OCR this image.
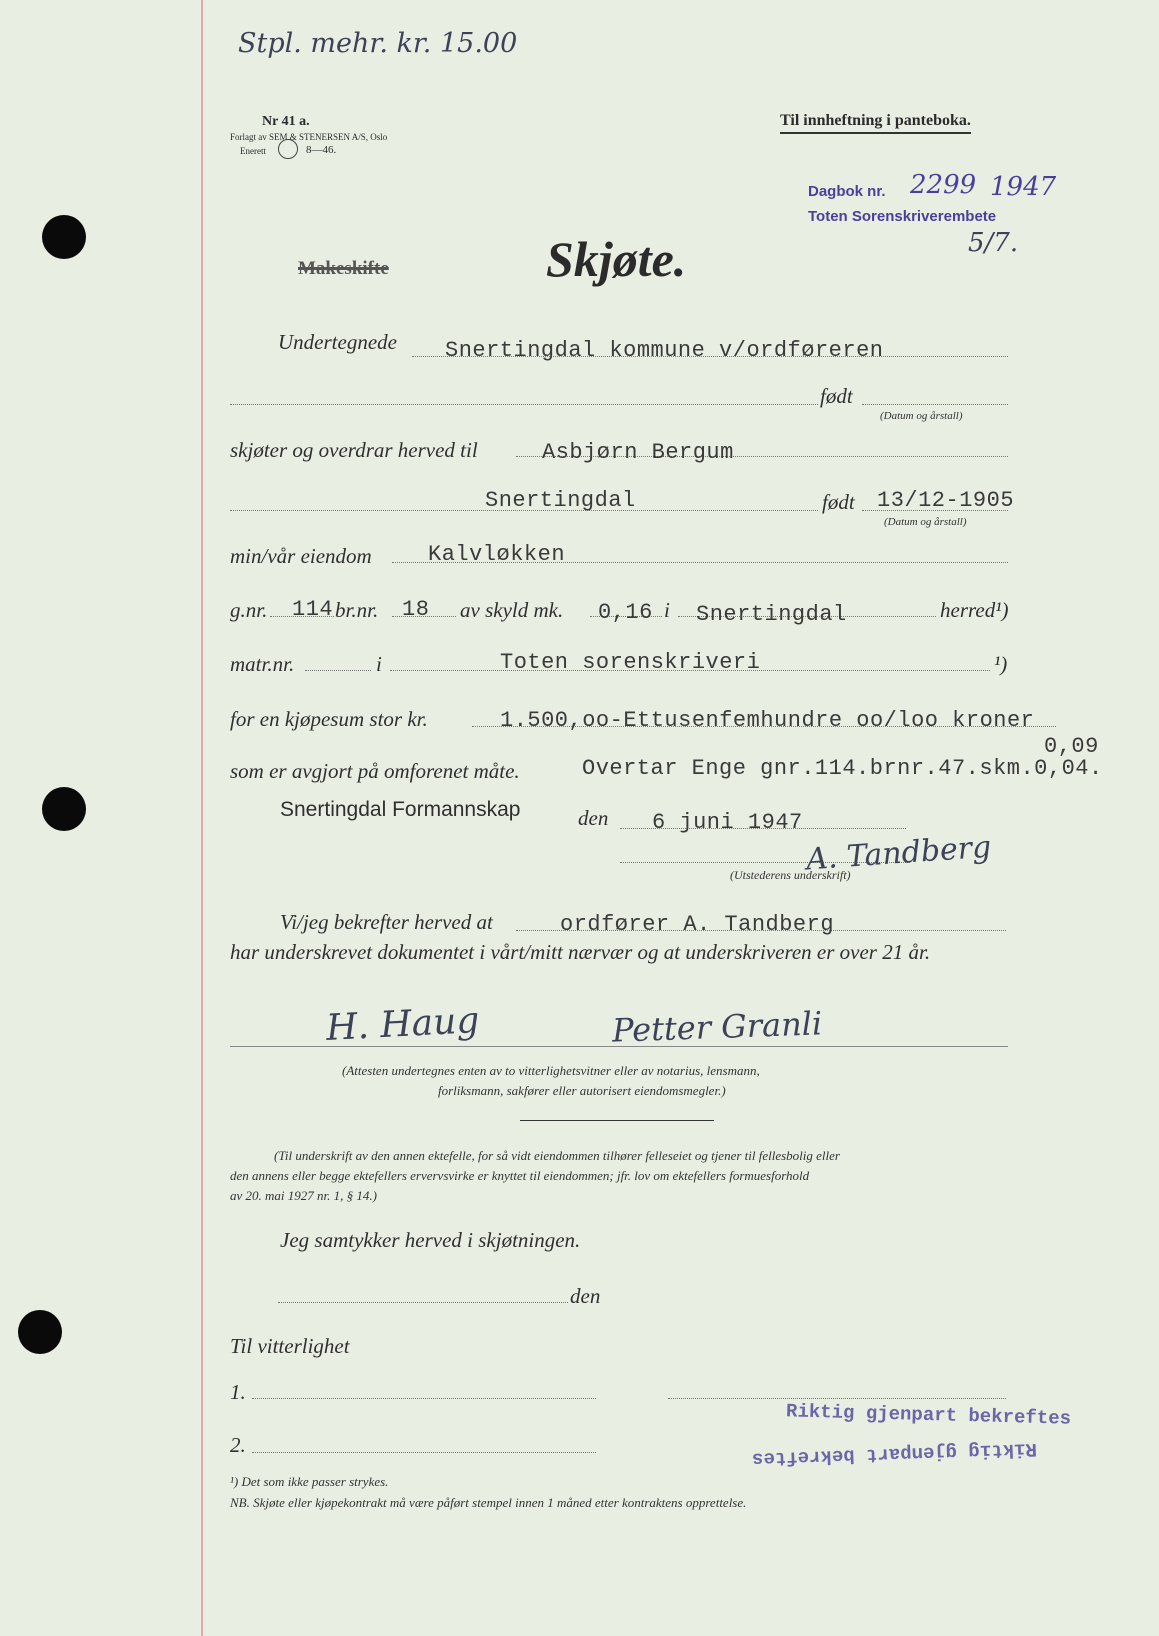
Stpl. mehr. kr. 15.00
Nr 41 a.
Forlagt av SEM & STENERSEN A/S, Oslo
Enerett	8—46.
Til innheftning i panteboka.
Dagbok nr. 2299 1947
Toten Sorenskriverembete
5/7.
Makeskifte	Skjøte.
Undertegnede Snertingdal kommune v/ordføreren
født
(Datum og årstall)
skjøter og overdrar herved til	Asbjørn Bergum
Snertingdal	født 13/12-1905
(Datum og årstall)
min/vår eiendom	Kalvløkken
g.nr. 114 br.nr. 18 av skyld mk. 0,16 i Snertingdal	herred¹)
matr.nr.	i	Toten sorenskriveri	¹)
for en kjøpesum stor kr.	1.500,oo-Ettusenfemhundre oo/loo kroner
som er avgjort på omforenet måte.
0,09
Overtar Enge gnr.114.brnr.47.skm.0,04.
Snertingdal Formannskap	den 6 juni 1947
A. Tandberg
(Utstederens underskrift)
Vi/jeg bekrefter herved at	ordfører A. Tandberg
har underskrevet dokumentet i vårt/mitt nærvær og at underskriveren er over 21 år.
H. Haug	Petter Granli
(Attesten undertegnes enten av to vitterlighetsvitner eller av notarius, lensmann,
forliksmann, sakfører eller autorisert eiendomsmegler.)
(Til underskrift av den annen ektefelle, for så vidt eiendommen tilhører felleseiet og tjener til fellesbolig eller
den annens eller begge ektefellers ervervsvirke er knyttet til eiendommen; jfr. lov om ektefellers formuesforhold
av 20. mai 1927 nr. 1, § 14.)
Jeg samtykker herved i skjøtningen.
den
Til vitterlighet
1.
2.
Riktig gjenpart bekreftes
Riktig gjenpart bekreftes
¹) Det som ikke passer strykes.
NB. Skjøte eller kjøpekontrakt må være påført stempel innen 1 måned etter kontraktens opprettelse.
